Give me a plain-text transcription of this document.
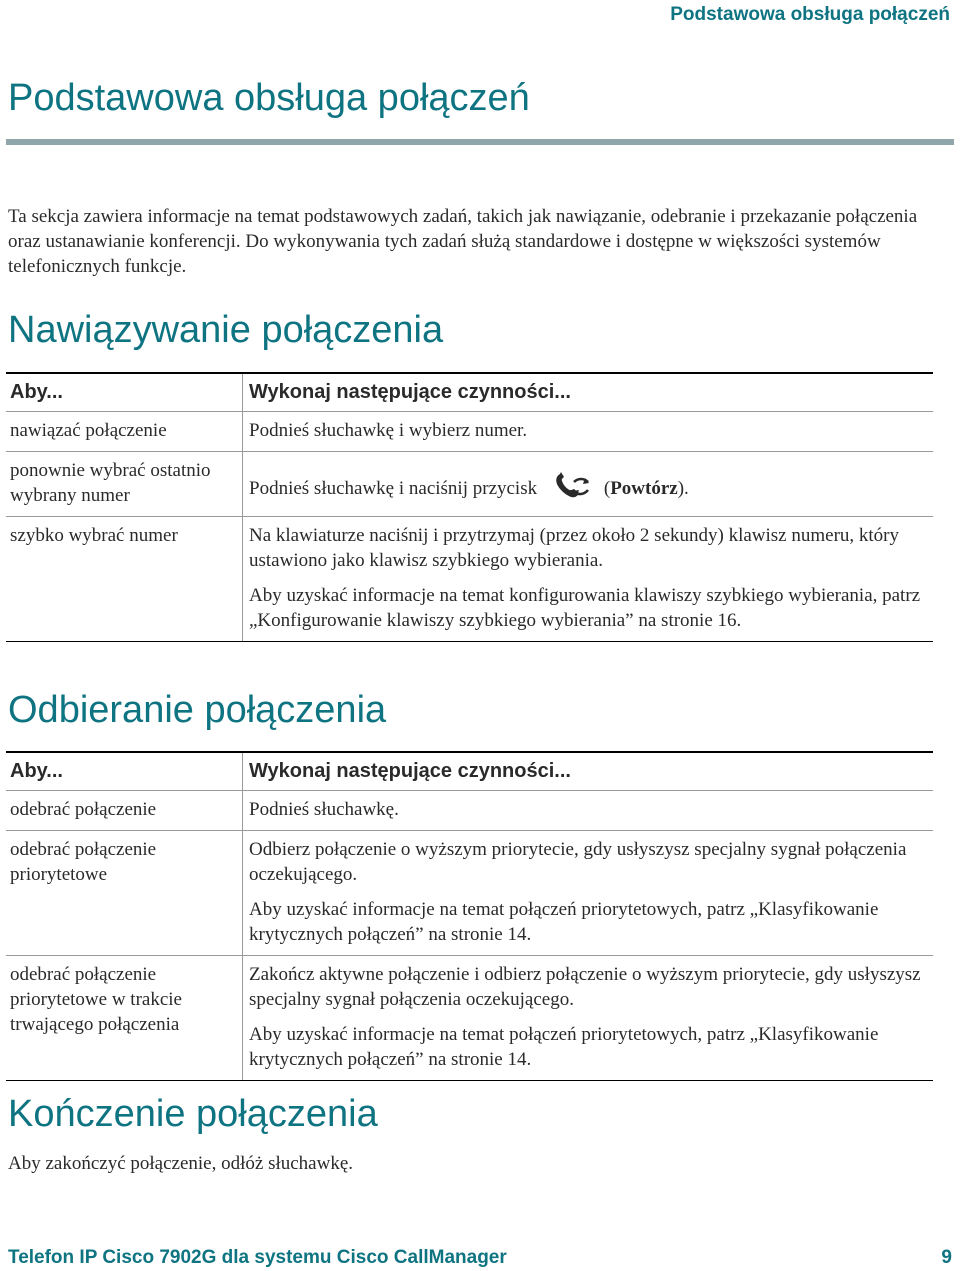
Podstawowa obsługa połączeń
Podstawowa obsługa połączeń

Ta sekcja zawiera informacje na temat podstawowych zadań, takich jak nawiązanie, odebranie i przekazanie połączenia oraz ustanawianie konferencji. Do wykonywania tych zadań służą standardowe i dostępne w większości systemów telefonicznych funkcje.

Nawiązywanie połączenia
Aby...	Wykonaj następujące czynności...
nawiązać połączenie	Podnieś słuchawkę i wybierz numer.

ponownie wybrać ostatnio wybrany numer	Podnieś słuchawkę i naciśnij przycisk (Powtórz).
szybko wybrać numer	Na klawiaturze naciśnij i przytrzymaj (przez około 2 sekundy) klawisz numeru, który ustawiono jako klawisz szybkiego wybierania.

Aby uzyskać informacje na temat konfigurowania klawiszy szybkiego wybierania, patrz „Konfigurowanie klawiszy szybkiego wybierania” na stronie 16.

Odbieranie połączenia
Aby...	Wykonaj następujące czynności...
odebrać połączenie	Podnieś słuchawkę.

odebrać połączenie priorytetowe	Odbierz połączenie o wyższym priorytecie, gdy usłyszysz specjalny sygnał połączenia oczekującego.

Aby uzyskać informacje na temat połączeń priorytetowych, patrz „Klasyfikowanie krytycznych połączeń” na stronie 14.

odebrać połączenie priorytetowe w trakcie trwającego połączenia	Zakończ aktywne połączenie i odbierz połączenie o wyższym priorytecie, gdy usłyszysz specjalny sygnał połączenia oczekującego.

Aby uzyskać informacje na temat połączeń priorytetowych, patrz „Klasyfikowanie krytycznych połączeń” na stronie 14.

Kończenie połączenia

Aby zakończyć połączenie, odłóż słuchawkę.

Telefon IP Cisco 7902G dla systemu Cisco CallManager	9
